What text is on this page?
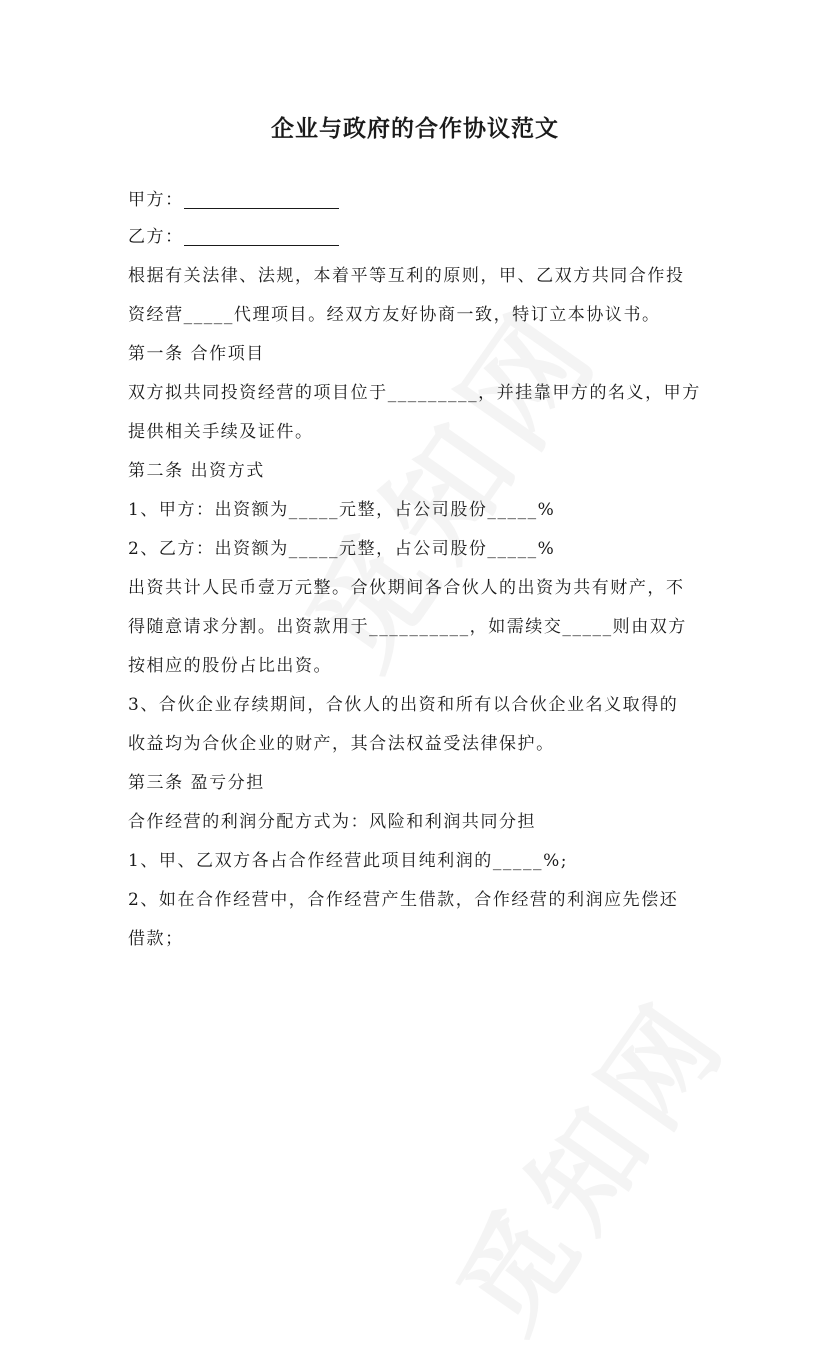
企业与政府的合作协议范文

甲方：

乙方：

根据有关法律、法规，本着平等互利的原则，甲、乙双方共同合作投

资经营_____代理项目。经双方友好协商一致，特订立本协议书。

第一条 合作项目

双方拟共同投资经营的项目位于_________，并挂靠甲方的名义，甲方

提供相关手续及证件。

第二条 出资方式

1、甲方：出资额为_____元整，占公司股份_____%

2、乙方：出资额为_____元整，占公司股份_____%

出资共计人民币壹万元整。合伙期间各合伙人的出资为共有财产，不

得随意请求分割。出资款用于__________，如需续交_____则由双方

按相应的股份占比出资。

3、合伙企业存续期间，合伙人的出资和所有以合伙企业名义取得的

收益均为合伙企业的财产，其合法权益受法律保护。

第三条 盈亏分担

合作经营的利润分配方式为：风险和利润共同分担

1、甲、乙双方各占合作经营此项目纯利润的_____%;

2、如在合作经营中，合作经营产生借款，合作经营的利润应先偿还

借款；
